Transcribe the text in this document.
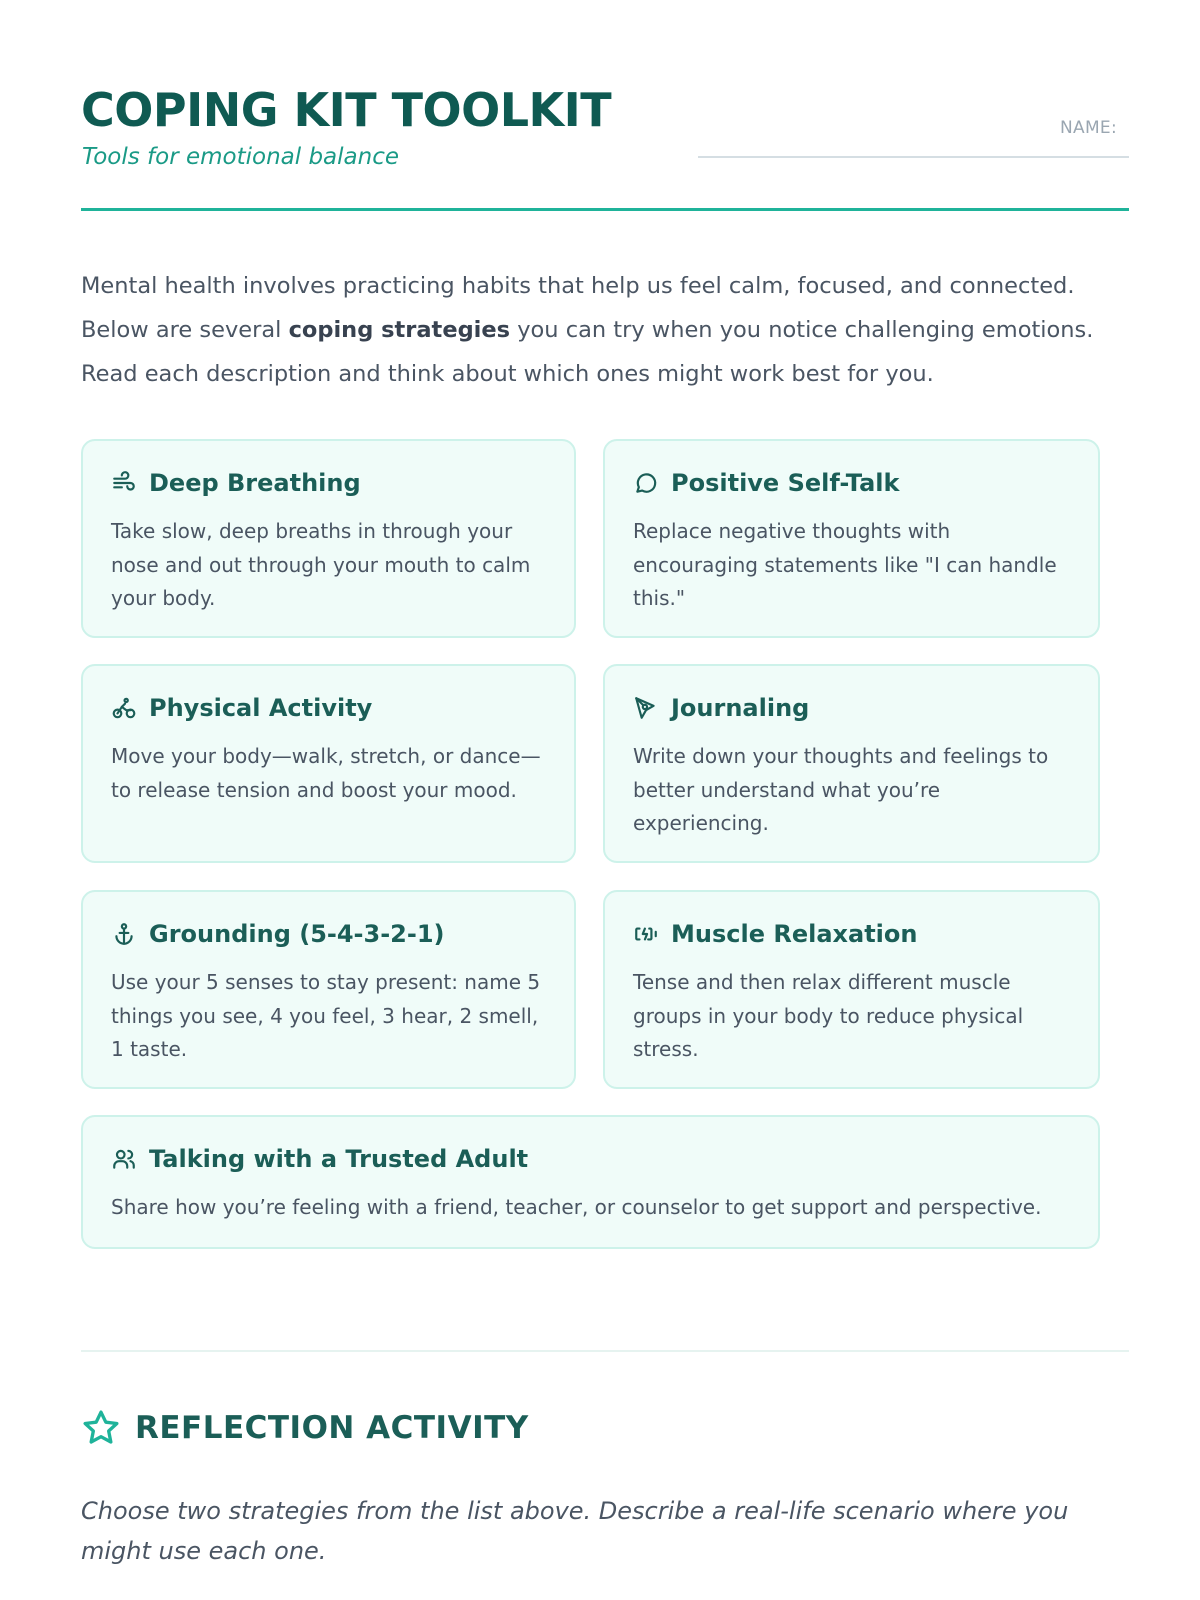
COPING KIT TOOLKIT
Tools for emotional balance
NAME:
Mental health involves practicing habits that help us feel calm, focused, and connected. Below are several coping strategies you can try when you notice challenging emotions. Read each description and think about which ones might work best for you.
Deep Breathing
Take slow, deep breaths in through your nose and out through your mouth to calm your body.
Positive Self-Talk
Replace negative thoughts with encouraging statements like "I can handle this."
Physical Activity
Move your body—walk, stretch, or dance—to release tension and boost your mood.
Journaling
Write down your thoughts and feelings to better understand what you’re experiencing.
Grounding (5-4-3-2-1)
Use your 5 senses to stay present: name 5 things you see, 4 you feel, 3 hear, 2 smell, 1 taste.
Muscle Relaxation
Tense and then relax different muscle groups in your body to reduce physical stress.
Talking with a Trusted Adult
Share how you’re feeling with a friend, teacher, or counselor to get support and perspective.
REFLECTION ACTIVITY
Choose two strategies from the list above. Describe a real-life scenario where you might use each one.
